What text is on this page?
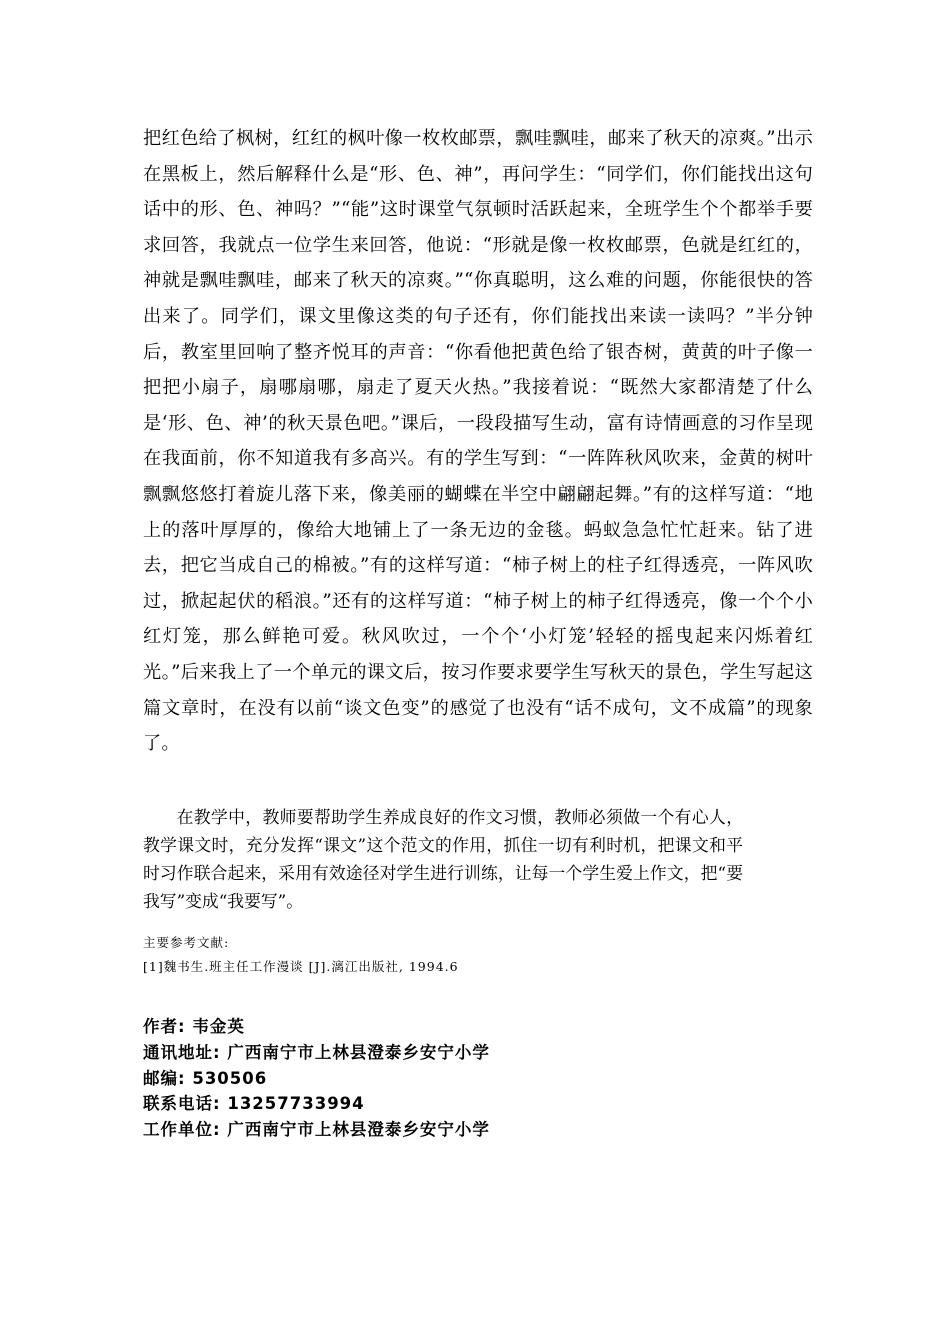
把红色给了枫树，红红的枫叶像一枚枚邮票，飘哇飘哇，邮来了秋天的凉爽。”出示在黑板上，然后解释什么是“形、色、神”，再问学生：“同学们，你们能找出这句话中的形、色、神吗？”“能”这时课堂气氛顿时活跃起来，全班学生个个都举手要求回答，我就点一位学生来回答，他说：“形就是像一枚枚邮票，色就是红红的，神就是飘哇飘哇，邮来了秋天的凉爽。”“你真聪明，这么难的问题，你能很快的答出来了。同学们，课文里像这类的句子还有，你们能找出来读一读吗？”半分钟后，教室里回响了整齐悦耳的声音：“你看他把黄色给了银杏树，黄黄的叶子像一把把小扇子，扇哪扇哪，扇走了夏天火热。”我接着说：“既然大家都清楚了什么是‘形、色、神’的秋天景色吧。”课后，一段段描写生动，富有诗情画意的习作呈现在我面前，你不知道我有多高兴。有的学生写到：“一阵阵秋风吹来，金黄的树叶飘飘悠悠打着旋儿落下来，像美丽的蝴蝶在半空中翩翩起舞。”有的这样写道：“地上的落叶厚厚的，像给大地铺上了一条无边的金毯。蚂蚁急急忙忙赶来。钻了进去，把它当成自己的棉被。”有的这样写道：“柿子树上的柱子红得透亮，一阵风吹过，掀起起伏的稻浪。”还有的这样写道：“柿子树上的柿子红得透亮，像一个个小红灯笼，那么鲜艳可爱。秋风吹过，一个个‘小灯笼’轻轻的摇曳起来闪烁着红光。”后来我上了一个单元的课文后，按习作要求要学生写秋天的景色，学生写起这篇文章时，在没有以前“谈文色变”的感觉了也没有“话不成句，文不成篇”的现象了。
在教学中，教师要帮助学生养成良好的作文习惯，教师必须做一个有心人，教学课文时，充分发挥“课文”这个范文的作用，抓住一切有利时机，把课文和平时习作联合起来，采用有效途径对学生进行训练，让每一个学生爱上作文，把“要我写”变成“我要写”。
主要参考文献:
[1]魏书生.班主任工作漫谈 [J].漓江出版社, 1994.6
作者: 韦金英
通讯地址: 广西南宁市上林县澄泰乡安宁小学
邮编: 530506
联系电话: 13257733994
工作单位: 广西南宁市上林县澄泰乡安宁小学
